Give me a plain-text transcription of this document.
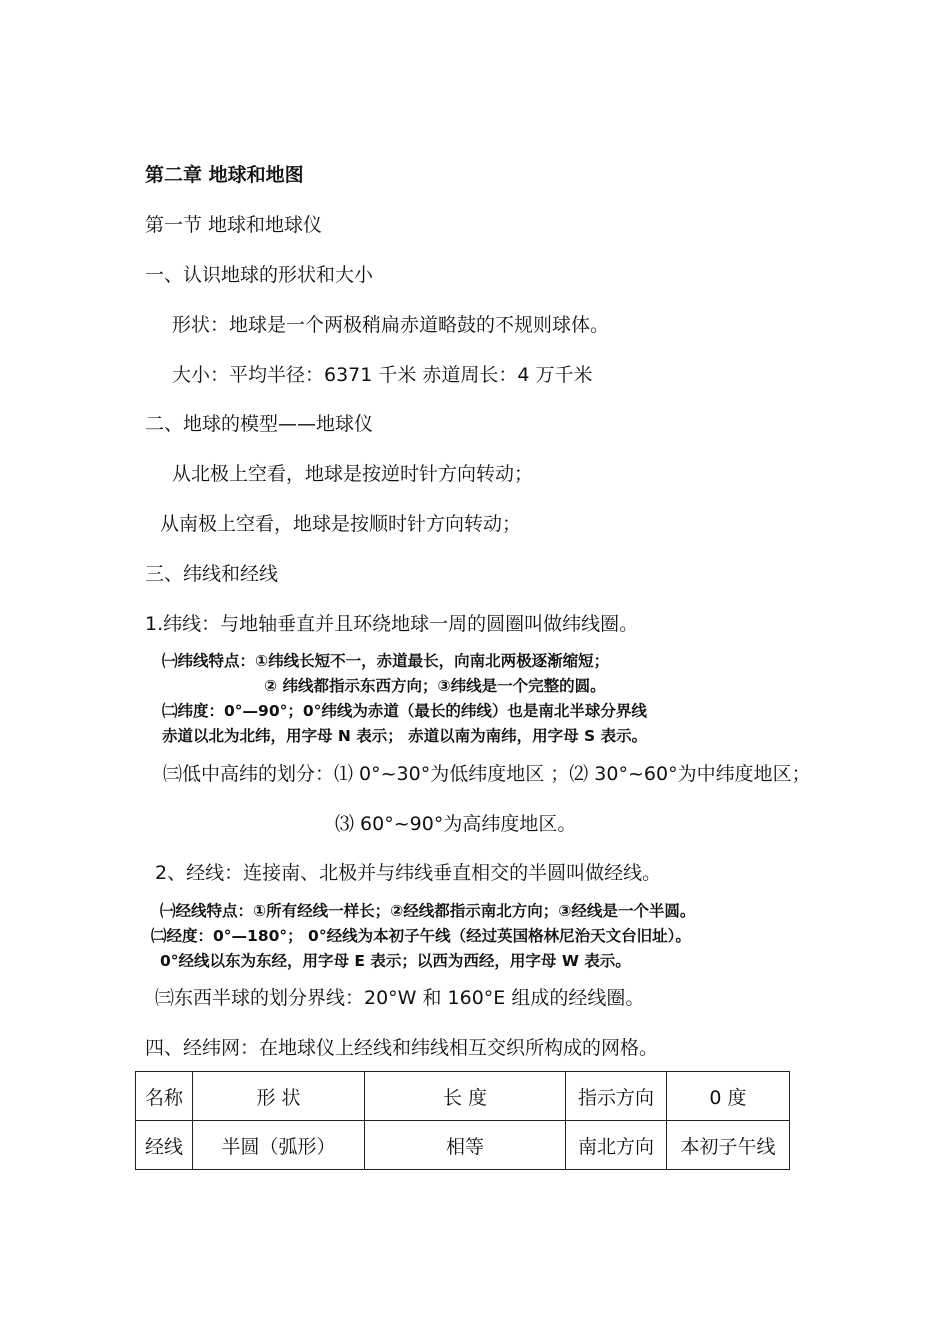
第二章 地球和地图
第一节 地球和地球仪
一、认识地球的形状和大小
形状：地球是一个两极稍扁赤道略鼓的不规则球体。
大小：平均半径：6371 千米 赤道周长：4 万千米
二、地球的模型——地球仪
从北极上空看，地球是按逆时针方向转动；
从南极上空看，地球是按顺时针方向转动；
三、纬线和经线
1.纬线：与地轴垂直并且环绕地球一周的圆圈叫做纬线圈。
㈠纬线特点：①纬线长短不一，赤道最长，向南北两极逐渐缩短；
② 纬线都指示东西方向；③纬线是一个完整的圆。
㈡纬度：0°—90°；0°纬线为赤道（最长的纬线）也是南北半球分界线
赤道以北为北纬，用字母 N 表示； 赤道以南为南纬，用字母 S 表示。
㈢低中高纬的划分：⑴ 0°~30°为低纬度地区 ；⑵ 30°~60°为中纬度地区；
⑶ 60°~90°为高纬度地区。
2、经线：连接南、北极并与纬线垂直相交的半圆叫做经线。
㈠经线特点：①所有经线一样长；②经线都指示南北方向；③经线是一个半圆。
㈡经度：0°—180°； 0°经线为本初子午线（经过英国格林尼治天文台旧址）。
0°经线以东为东经，用字母 E 表示；以西为西经，用字母 W 表示。
㈢东西半球的划分界线：20°W 和 160°E 组成的经线圈。
四、经纬网：在地球仪上经线和纬线相互交织所构成的网格。
名称	形 状	长 度	指示方向	0 度
经线	半圆（弧形）	相等	南北方向	本初子午线
